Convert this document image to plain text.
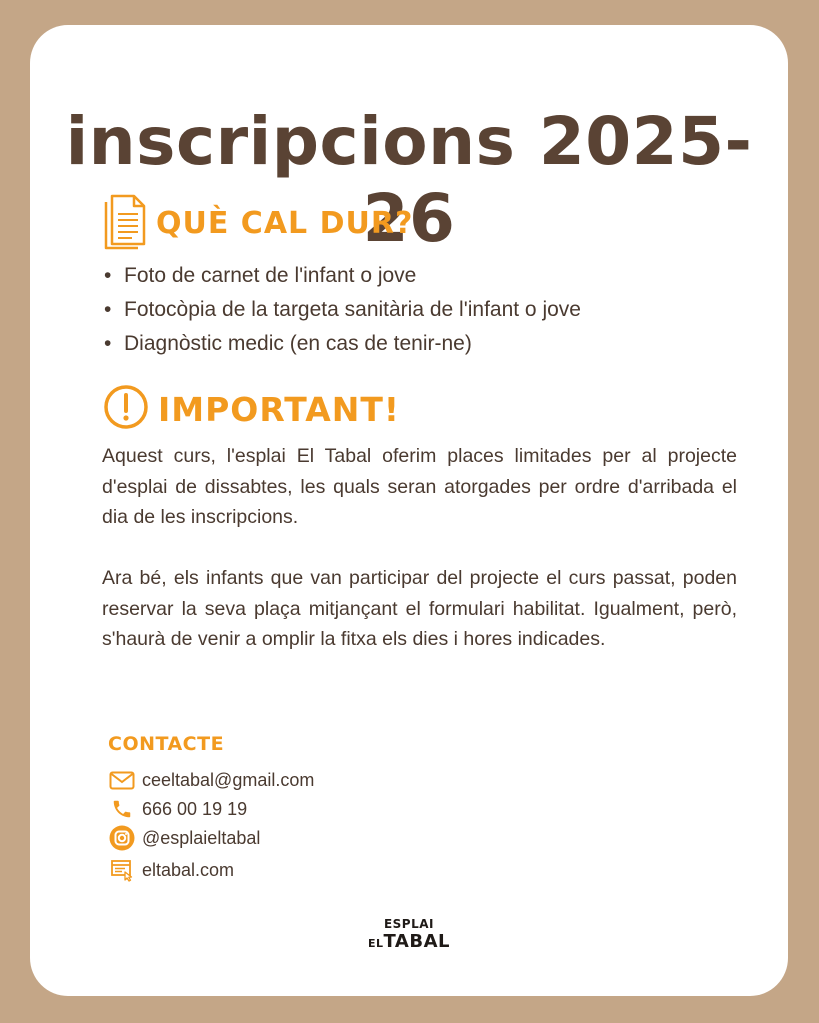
inscripcions 2025-26
QUÈ CAL DUR?
• Foto de carnet de l'infant o jove
• Fotocòpia de la targeta sanitària de l'infant o jove
• Diagnòstic medic (en cas de tenir-ne)
IMPORTANT!

Aquest curs, l'esplai El Tabal oferim places limitades per al projecte d'esplai de dissabtes, les quals seran atorgades per ordre d'arribada el dia de les inscripcions.

Ara bé, els infants que van participar del projecte el curs passat, poden reservar la seva plaça mitjançant el formulari habilitat. Igualment, però, s'haurà de venir a omplir la fitxa els dies i hores indicades.

CONTACTE
ceeltabal@gmail.com
666 00 19 19
@esplaieltabal
eltabal.com
ESPLAI
ELTABAL
